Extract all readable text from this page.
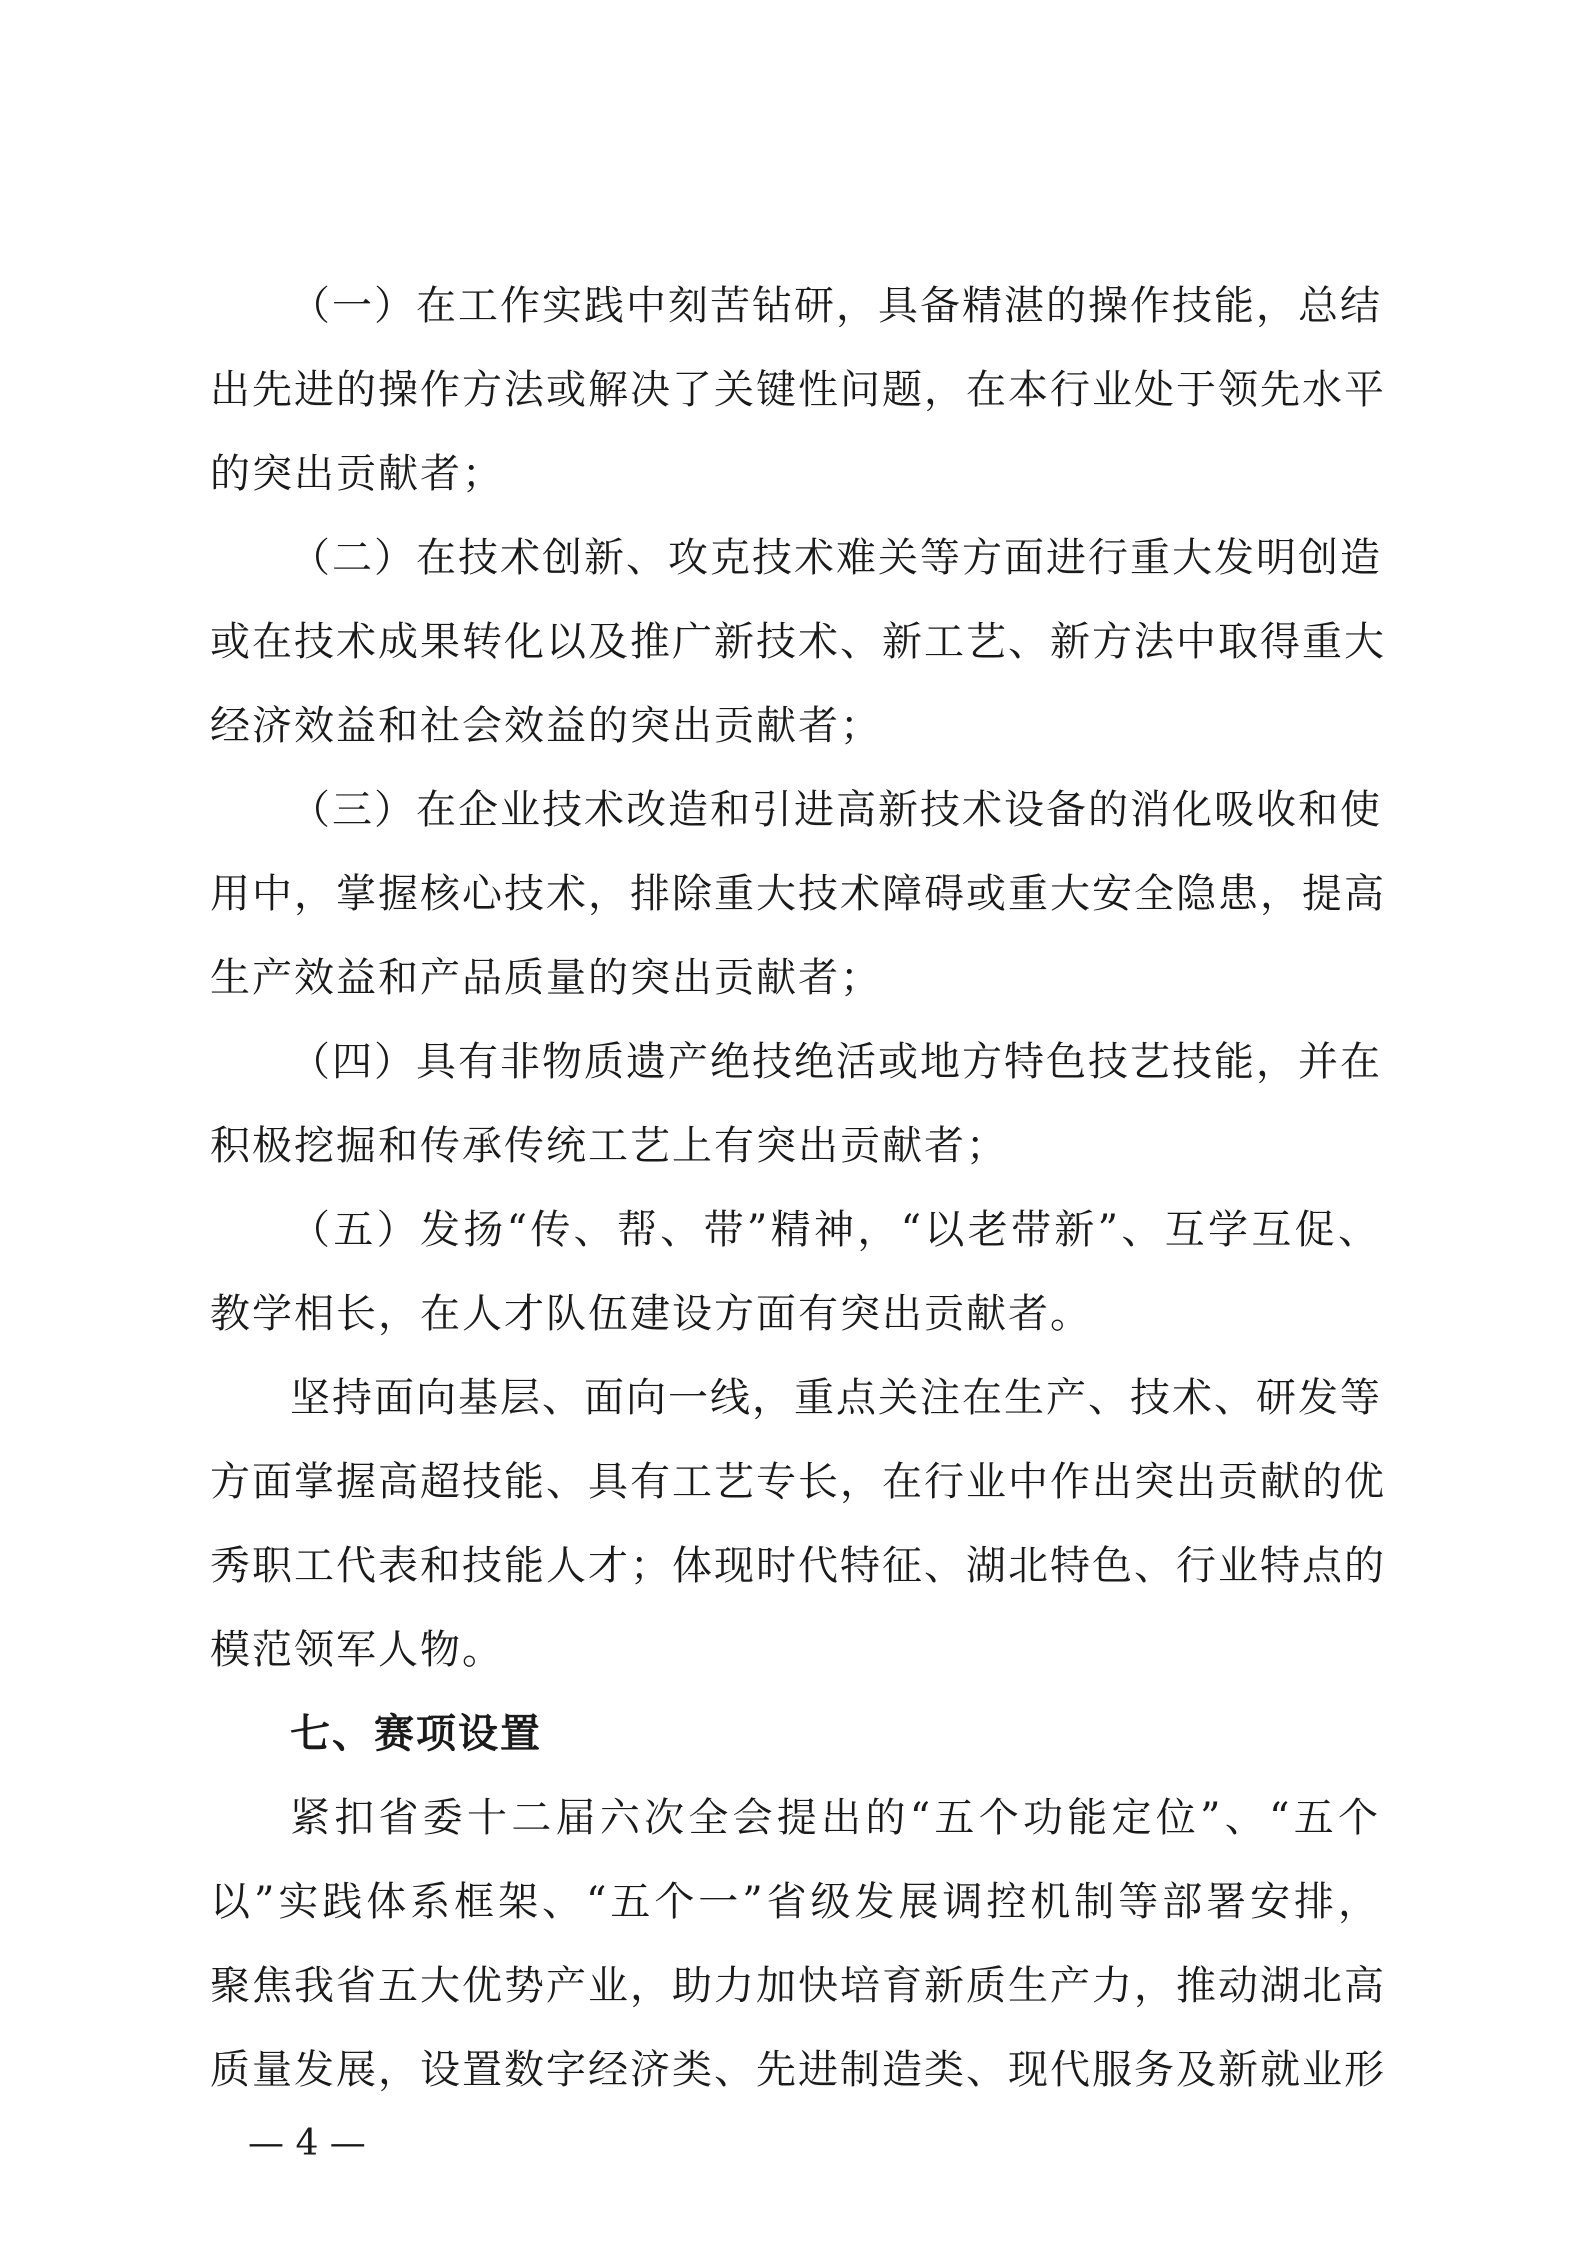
（一）在工作实践中刻苦钻研，具备精湛的操作技能，总结
出先进的操作方法或解决了关键性问题，在本行业处于领先水平
的突出贡献者；
（二）在技术创新、攻克技术难关等方面进行重大发明创造
或在技术成果转化以及推广新技术、新工艺、新方法中取得重大
经济效益和社会效益的突出贡献者；
（三）在企业技术改造和引进高新技术设备的消化吸收和使
用中，掌握核心技术，排除重大技术障碍或重大安全隐患，提高
生产效益和产品质量的突出贡献者；
（四）具有非物质遗产绝技绝活或地方特色技艺技能，并在
积极挖掘和传承传统工艺上有突出贡献者；
（五）发扬“传、帮、带”精神，“以老带新”、互学互促、
教学相长，在人才队伍建设方面有突出贡献者。
坚持面向基层、面向一线，重点关注在生产、技术、研发等
方面掌握高超技能、具有工艺专长，在行业中作出突出贡献的优
秀职工代表和技能人才；体现时代特征、湖北特色、行业特点的
模范领军人物。
七、赛项设置
紧扣省委十二届六次全会提出的“五个功能定位”、“五个
以”实践体系框架、“五个一”省级发展调控机制等部署安排，
聚焦我省五大优势产业，助力加快培育新质生产力，推动湖北高
质量发展，设置数字经济类、先进制造类、现代服务及新就业形
— 4 —
